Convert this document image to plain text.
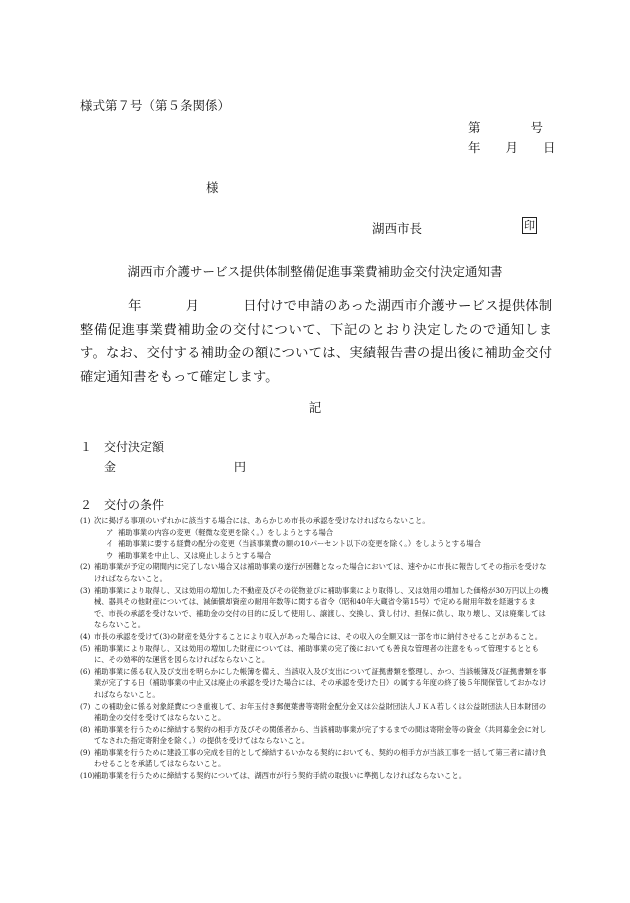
様式第７号（第５条関係）
第　　　　号
年　　月　　日
様
湖西市長	印
湖西市介護サービス提供体制整備促進事業費補助金交付決定通知書
年	月	日付けで申請のあった湖西市介護サービス提供体制整備促進事業費補助金の交付について、下記のとおり決定したので通知します。なお、交付する補助金の額については、実績報告書の提出後に補助金交付確定通知書をもって確定します。
記
１　交付決定額
金	円
２　交付の条件
(1) 次に掲げる事項のいずれかに該当する場合には、あらかじめ市長の承認を受けなければならないこと。
ア 補助事業の内容の変更（軽微な変更を除く。）をしようとする場合
イ 補助事業に要する経費の配分の変更（当該事業費の額の10パーセント以下の変更を除く。）をしようとする場合
ウ 補助事業を中止し、又は廃止しようとする場合
(2) 補助事業が予定の期間内に完了しない場合又は補助事業の遂行が困難となった場合においては、速やかに市長に報告してその指示を受けなければならないこと。
(3) 補助事業により取得し、又は効用の増加した不動産及びその従物並びに補助事業により取得し、又は効用の増加した価格が30万円以上の機械、器具その他財産については、減価償却資産の耐用年数等に関する省令（昭和40年大蔵省令第15号）で定める耐用年数を経過するまで、市長の承認を受けないで、補助金の交付の目的に反して使用し、譲渡し、交換し、貸し付け、担保に供し、取り壊し、又は廃棄してはならないこと。
(4) 市長の承認を受けて(3)の財産を処分することにより収入があった場合には、その収入の全額又は一部を市に納付させることがあること。
(5) 補助事業により取得し、又は効用の増加した財産については、補助事業の完了後においても善良な管理者の注意をもって管理するとともに、その効率的な運営を図らなければならないこと。
(6) 補助事業に係る収入及び支出を明らかにした帳簿を備え、当該収入及び支出について証拠書類を整理し、かつ、当該帳簿及び証拠書類を事業が完了する日（補助事業の中止又は廃止の承認を受けた場合には、その承認を受けた日）の属する年度の終了後５年間保管しておかなければならないこと。
(7) この補助金に係る対象経費につき重複して、お年玉付き郵便葉書等寄附金配分金又は公益財団法人ＪＫＡ若しくは公益財団法人日本財団の補助金の交付を受けてはならないこと。
(8) 補助事業を行うために締結する契約の相手方及びその関係者から、当該補助事業が完了するまでの間は寄附金等の資金（共同募金会に対してなされた指定寄附金を除く。）の提供を受けてはならないこと。
(9) 補助事業を行うために建設工事の完成を目的として締結するいかなる契約においても、契約の相手方が当該工事を一括して第三者に請け負わせることを承諾してはならないこと。
(10) 補助事業を行うために締結する契約については、湖西市が行う契約手続の取扱いに準拠しなければならないこと。
